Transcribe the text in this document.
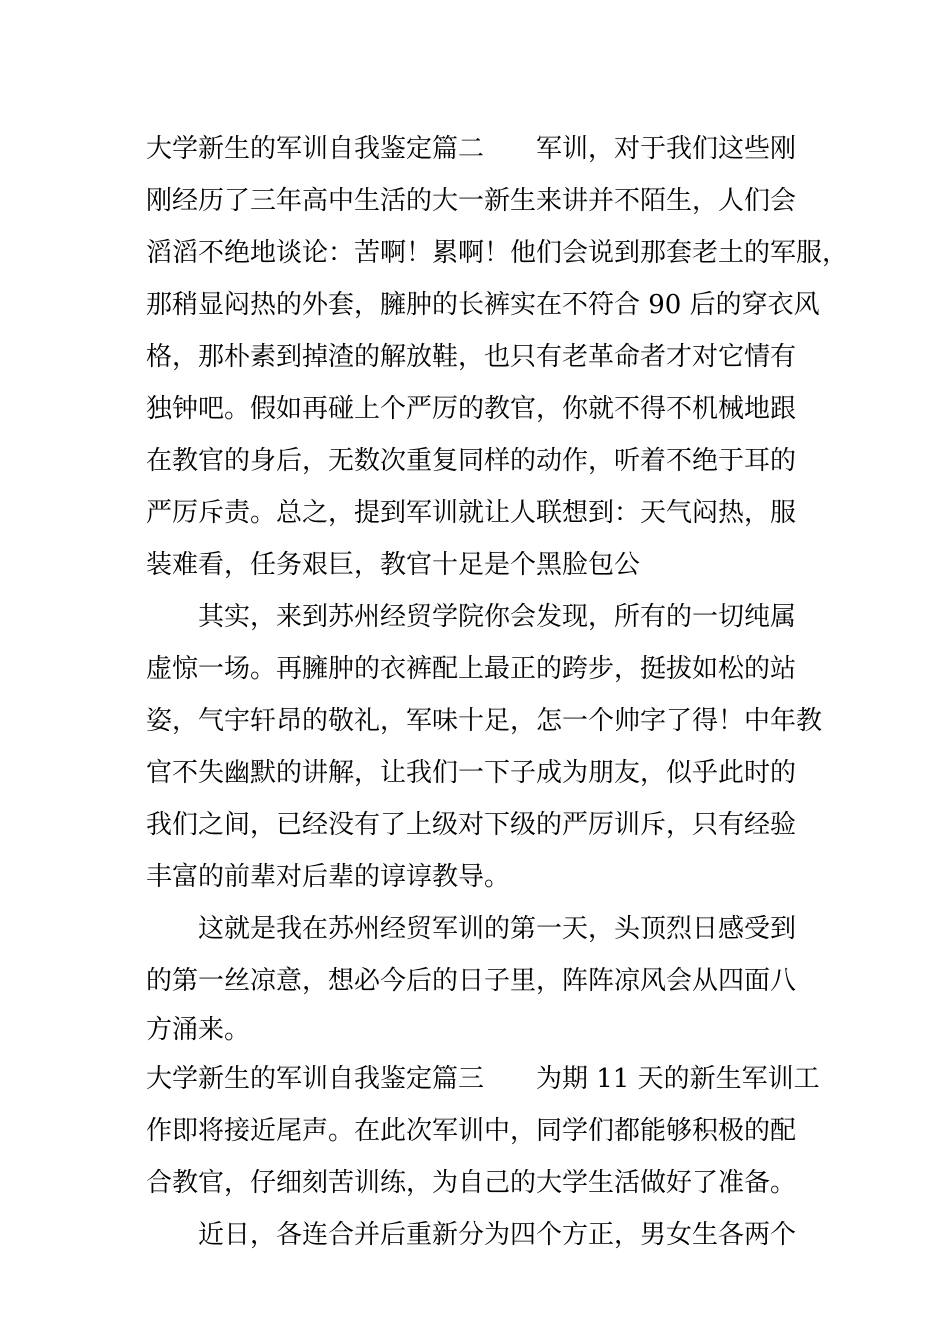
大学新生的军训自我鉴定篇二　　军训，对于我们这些刚
刚经历了三年高中生活的大一新生来讲并不陌生，人们会
滔滔不绝地谈论：苦啊！累啊！他们会说到那套老土的军服，
那稍显闷热的外套，臃肿的长裤实在不符合 90 后的穿衣风
格，那朴素到掉渣的解放鞋，也只有老革命者才对它情有
独钟吧。假如再碰上个严厉的教官，你就不得不机械地跟
在教官的身后，无数次重复同样的动作，听着不绝于耳的
严厉斥责。总之，提到军训就让人联想到：天气闷热，服
装难看，任务艰巨，教官十足是个黑脸包公
　　其实，来到苏州经贸学院你会发现，所有的一切纯属
虚惊一场。再臃肿的衣裤配上最正的跨步，挺拔如松的站
姿，气宇轩昂的敬礼，军味十足，怎一个帅字了得！中年教
官不失幽默的讲解，让我们一下子成为朋友，似乎此时的
我们之间，已经没有了上级对下级的严厉训斥，只有经验
丰富的前辈对后辈的谆谆教导。
　　这就是我在苏州经贸军训的第一天，头顶烈日感受到
的第一丝凉意，想必今后的日子里，阵阵凉风会从四面八
方涌来。
大学新生的军训自我鉴定篇三　　为期 11 天的新生军训工
作即将接近尾声。在此次军训中，同学们都能够积极的配
合教官，仔细刻苦训练，为自己的大学生活做好了准备。
　　近日，各连合并后重新分为四个方正，男女生各两个
